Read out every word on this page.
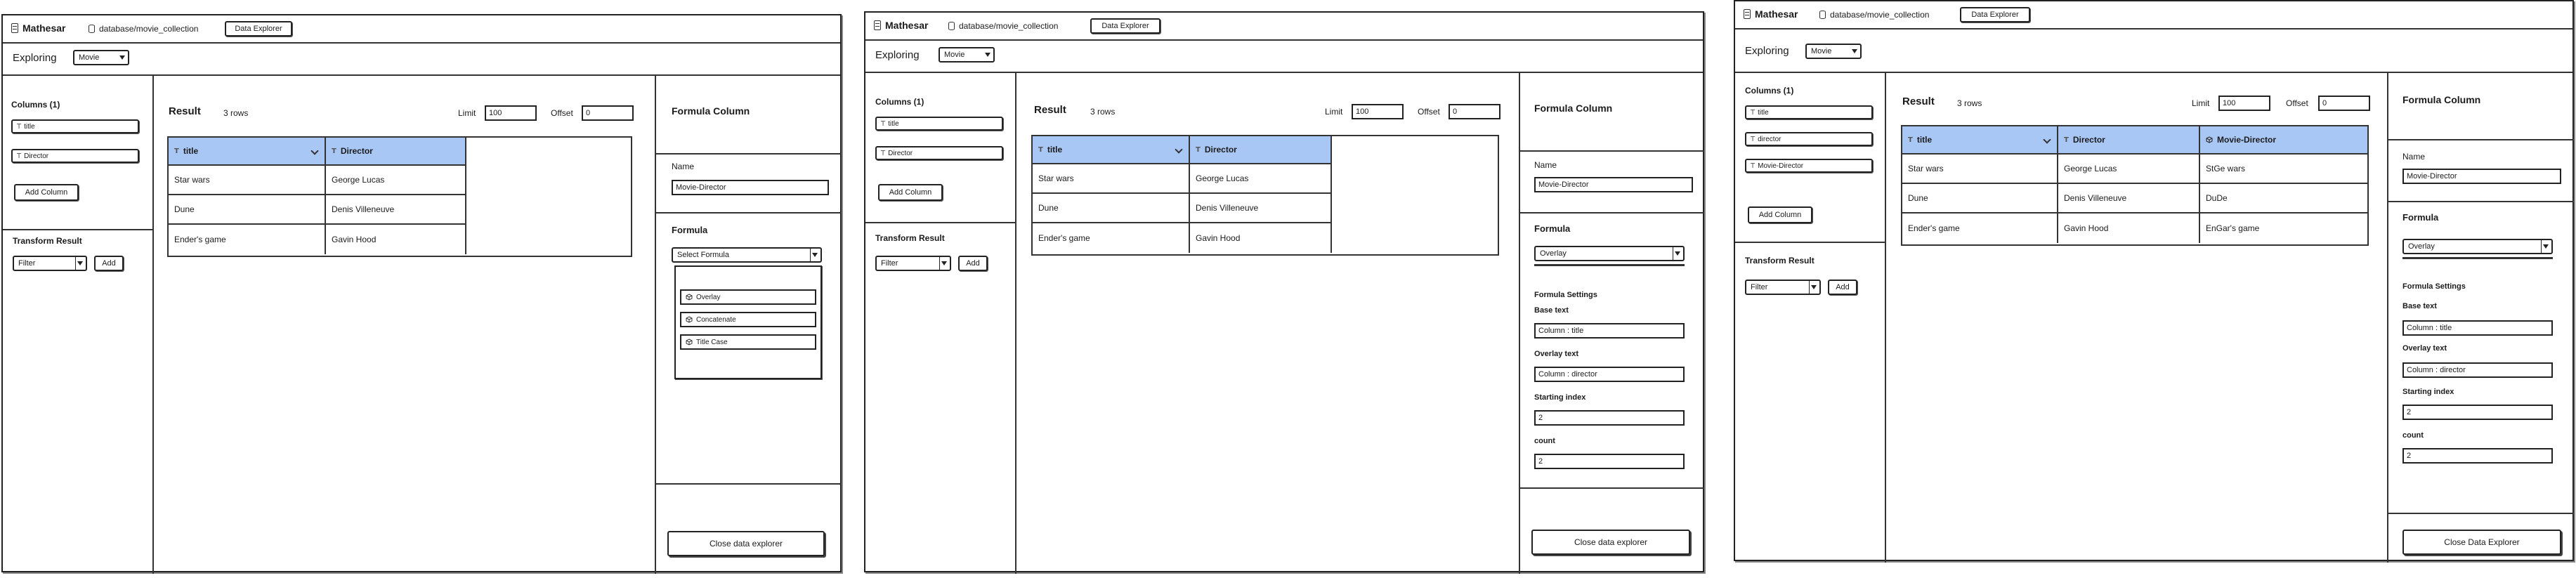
Mathesar	database/movie_collection	Data Explorer
Exploring	Movie
Columns (1)
T title
T Director
Add Column
Transform Result
Filter	Add
Result	3 rows	Limit	100	Offset	0
T title	T Director
Star wars	George Lucas
Dune	Denis Villeneuve
Ender's game	Gavin Hood
Formula Column
Name
Movie-Director
Formula
Select Formula
Overlay
Concatenate
Title Case
Close data explorer
Mathesar	database/movie_collection	Data Explorer
Exploring	Movie
Columns (1)
T title
T Director
Add Column
Transform Result
Filter	Add
Result	3 rows	Limit	100	Offset	0
T title	T Director
Star wars	George Lucas
Dune	Denis Villeneuve
Ender's game	Gavin Hood
Formula Column
Name
Movie-Director
Formula
Overlay
Formula Settings
Base text
Column : title
Overlay text
Column : director
Starting index
2
count
2
Close data explorer
Mathesar	database/movie_collection	Data Explorer
Exploring	Movie
Columns (1)
T title
T director
T Movie-Director
Add Column
Transform Result
Filter	Add
Result	3 rows	Limit	100	Offset	0
T title	T Director	Movie-Director
Star wars	George Lucas	StGe wars
Dune	Denis Villeneuve	DuDe
Ender's game	Gavin Hood	EnGar's game
Formula Column
Name
Movie-Director
Formula
Overlay
Formula Settings
Base text
Column : title
Overlay text
Column : director
Starting index
2
count
2
Close Data Explorer
